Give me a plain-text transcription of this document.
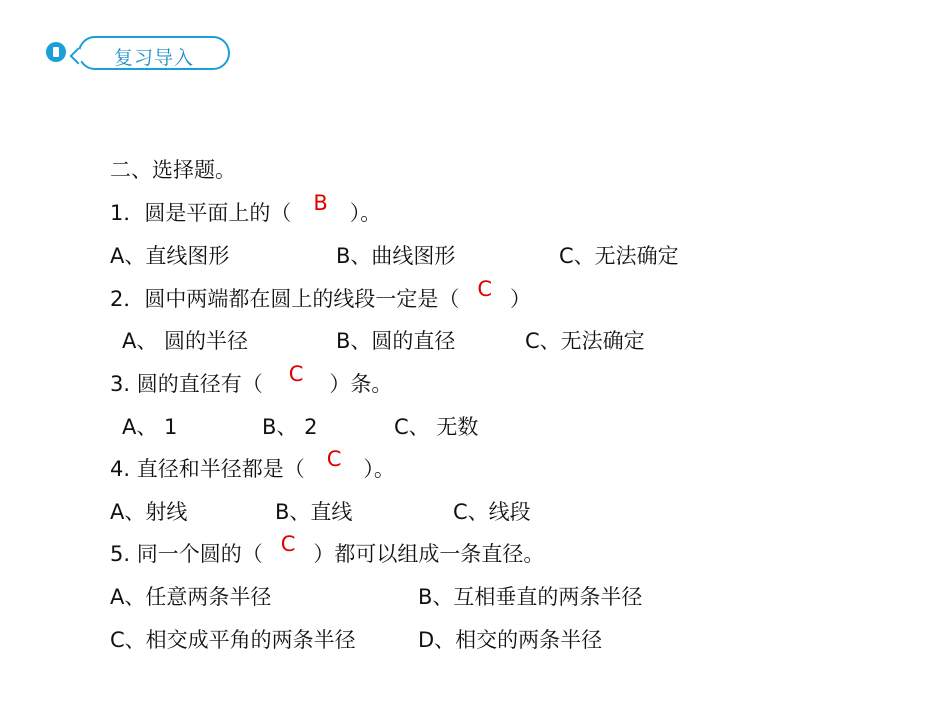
复习导入
二、选择题。
1．圆是平面上的（ B ）。
A、直线图形	B、曲线图形	C、无法确定
2．圆中两端都在圆上的线段一定是（ C ）
A、 圆的半径	B、圆的直径	C、无法确定
3. 圆的直径有（ C ）条。
A、 1	B、 2	C、 无数
4. 直径和半径都是（ C ）。
A、射线	B、直线	C、线段
5. 同一个圆的（ C ）都可以组成一条直径。
A、任意两条半径	B、互相垂直的两条半径
C、相交成平角的两条半径	D、相交的两条半径
